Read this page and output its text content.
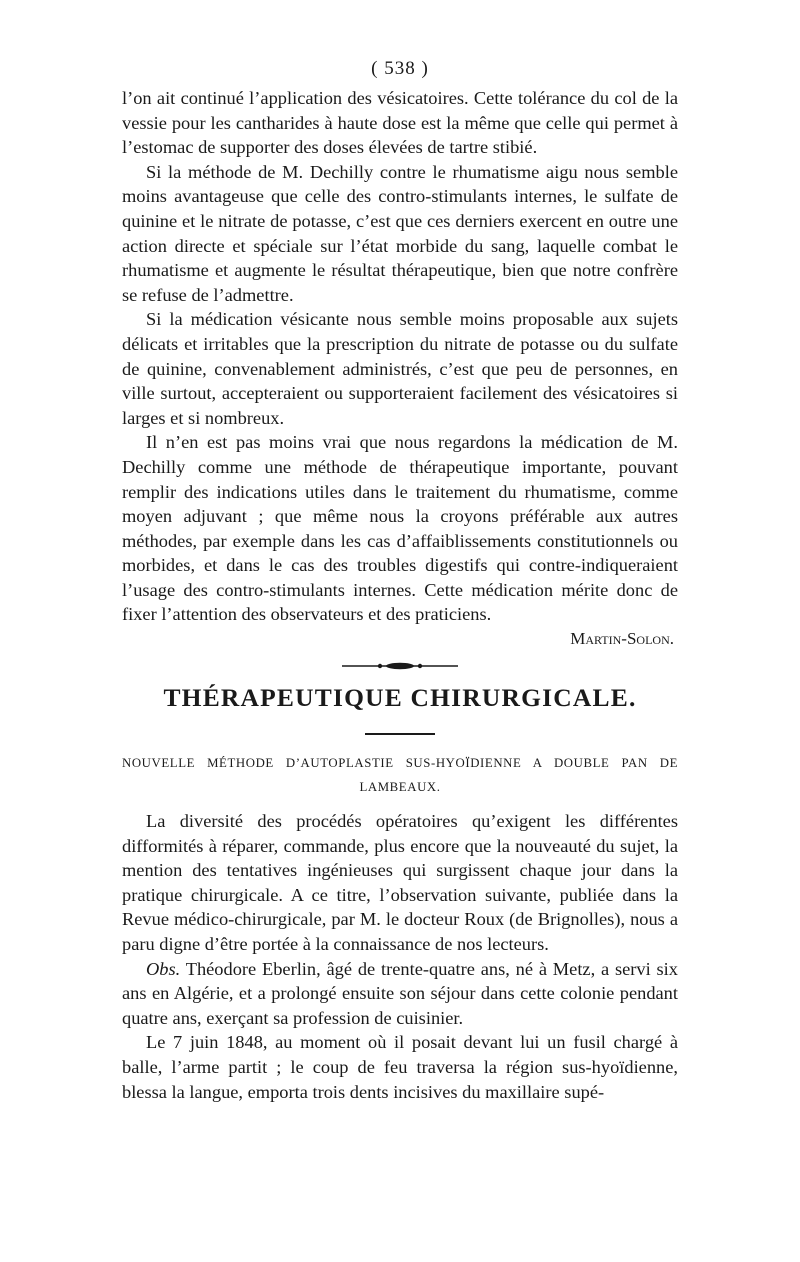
( 538 )

l’on ait continué l’application des vésicatoires. Cette tolérance du col de la vessie pour les cantharides à haute dose est la même que celle qui permet à l’estomac de supporter des doses élevées de tartre stibié.

Si la méthode de M. Dechilly contre le rhumatisme aigu nous semble moins avantageuse que celle des contro-stimulants internes, le sulfate de quinine et le nitrate de potasse, c’est que ces derniers exercent en outre une action directe et spéciale sur l’état morbide du sang, laquelle combat le rhumatisme et augmente le résultat thérapeutique, bien que notre confrère se refuse de l’admettre.

Si la médication vésicante nous semble moins proposable aux sujets délicats et irritables que la prescription du nitrate de potasse ou du sulfate de quinine, convenablement administrés, c’est que peu de personnes, en ville surtout, accepteraient ou supporteraient facilement des vésicatoires si larges et si nombreux.

Il n’en est pas moins vrai que nous regardons la médication de M. Dechilly comme une méthode de thérapeutique importante, pouvant remplir des indications utiles dans le traitement du rhumatisme, comme moyen adjuvant ; que même nous la croyons préférable aux autres méthodes, par exemple dans les cas d’affaiblissements constitutionnels ou morbides, et dans le cas des troubles digestifs qui contre-indiqueraient l’usage des contro-stimulants internes. Cette médication mérite donc de fixer l’attention des observateurs et des praticiens.

Martin-Solon.
THÉRAPEUTIQUE CHIRURGICALE.
NOUVELLE MÉTHODE D’AUTOPLASTIE SUS-HYOÏDIENNE A DOUBLE PAN DE LAMBEAUX.

La diversité des procédés opératoires qu’exigent les différentes difformités à réparer, commande, plus encore que la nouveauté du sujet, la mention des tentatives ingénieuses qui surgissent chaque jour dans la pratique chirurgicale. A ce titre, l’observation suivante, publiée dans la Revue médico-chirurgicale, par M. le docteur Roux (de Brignolles), nous a paru digne d’être portée à la connaissance de nos lecteurs.

Obs. Théodore Eberlin, âgé de trente-quatre ans, né à Metz, a servi six ans en Algérie, et a prolongé ensuite son séjour dans cette colonie pendant quatre ans, exerçant sa profession de cuisinier.

Le 7 juin 1848, au moment où il posait devant lui un fusil chargé à balle, l’arme partit ; le coup de feu traversa la région sus-hyoïdienne, blessa la langue, emporta trois dents incisives du maxillaire supé-
